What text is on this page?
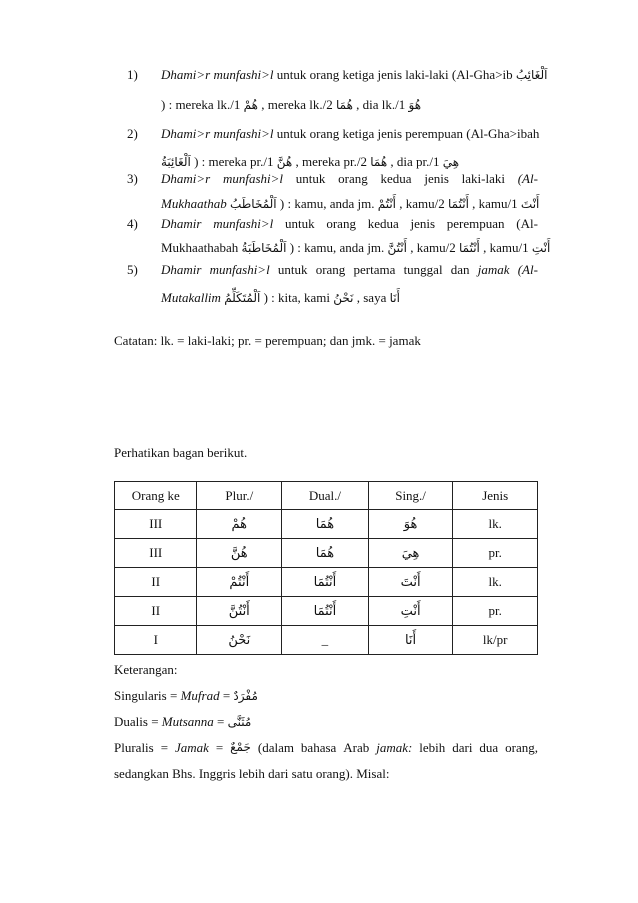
1) Dhami>r munfashi>l untuk orang ketiga jenis laki-laki (Al-Gha>ib اَلْغَائِبُ
) : mereka lk./1 هُمْ , mereka lk./2 هُمَا , dia lk./1 هُوَ
2) Dhami>r munfashi>l untuk orang ketiga jenis perempuan (Al-Gha>ibah
اَلْغَائِبَةُ ) : mereka pr./1 هُنَّ , mereka pr./2 هُمَا , dia pr./1 هِيَ
3) Dhami>r munfashi>l untuk orang kedua jenis laki-laki (Al-
Mukhaathab اَلْمُخَاطَبُ ) : kamu, anda jm. أَنْتُمْ , kamu/2 أَنْتُمَا , kamu/1 أَنْتَ
4) Dhamir munfashi>l untuk orang kedua jenis perempuan (Al-
Mukhaathabah اَلْمُخَاطَبَةُ ) : kamu, anda jm. أَنْتُنَّ , kamu/2 أَنْتُمَا , kamu/1 أَنْتِ
5) Dhamir munfashi>l untuk orang pertama tunggal dan jamak (Al-
Mutakallim اَلْمُتَكَلِّمُ ) : kita, kami نَحْنُ , saya أَنَا
Catatan: lk. = laki-laki; pr. = perempuan; dan jmk. = jamak
Perhatikan bagan berikut.
Orang ke	Plur./	Dual./	Sing./	Jenis
III	هُمْ	هُمَا	هُوَ	lk.
III	هُنَّ	هُمَا	هِيَ	pr.
II	أَنْتُمْ	أَنْتُمَا	أَنْتَ	lk.
II	أَنْتُنَّ	أَنْتُمَا	أَنْتِ	pr.
I	نَحْنُ	_	أَنَا	lk/pr
Keterangan:
Singularis = Mufrad = مُفْرَدٌ
Dualis = Mutsanna = مُثَنَّى
Pluralis = Jamak = جَمْعٌ (dalam bahasa Arab jamak: lebih dari dua orang,
sedangkan Bhs. Inggris lebih dari satu orang). Misal:
